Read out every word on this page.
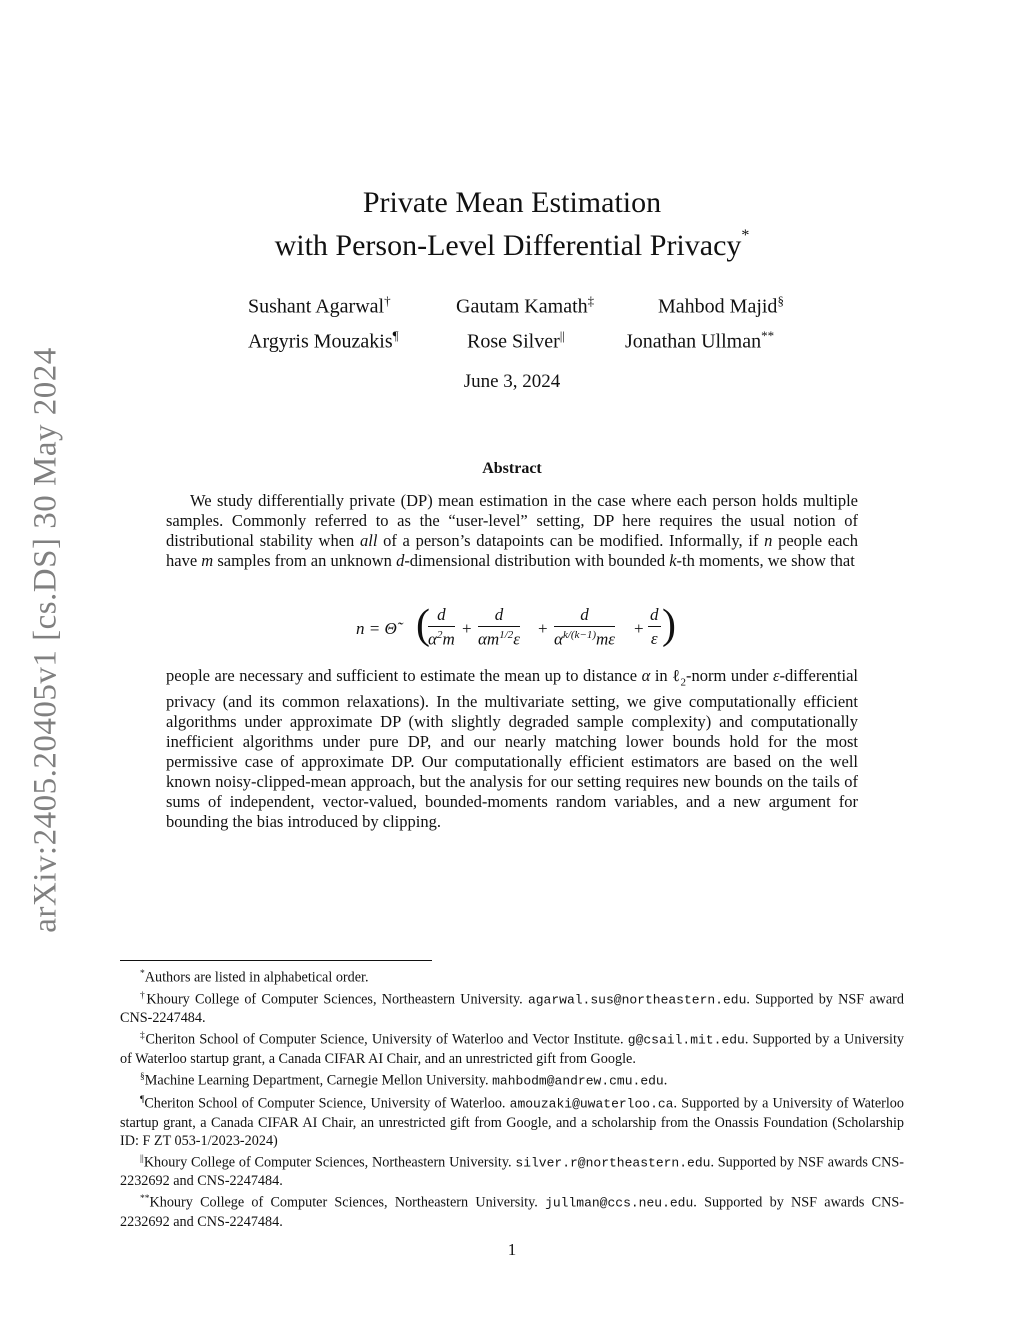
arXiv:2405.20405v1 [cs.DS] 30 May 2024
Private Mean Estimation
with Person-Level Differential Privacy*
Sushant Agarwal†	Gautam Kamath‡	Mahbod Majid§
Argyris Mouzakis¶	Rose Silver||	Jonathan Ullman**
June 3, 2024
Abstract
We study differentially private (DP) mean estimation in the case where each person holds multiple samples. Commonly referred to as the “user-level” setting, DP here requires the usual notion of distributional stability when all of a person’s datapoints can be modified. Informally, if n people each have m samples from an unknown d-dimensional distribution with bounded k-th moments, we show that
n = Θ̃ (
$\frac{d}{\alpha^2m} + \frac{d}{\alpha m^{1/2}\varepsilon} + \frac{d}{\alpha^{k/(k-1)}m\varepsilon} + \frac{d}{\varepsilon}$ )
people are necessary and sufficient to estimate the mean up to distance α in ℓ$_2$-norm under ε-differential privacy (and its common relaxations). In the multivariate setting, we give computationally efficient algorithms under approximate DP (with slightly degraded sample complexity) and computationally inefficient algorithms under pure DP, and our nearly matching lower bounds hold for the most permissive case of approximate DP. Our computationally efficient estimators are based on the well known noisy-clipped-mean approach, but the analysis for our setting requires new bounds on the tails of sums of independent, vector-valued, bounded-moments random variables, and a new argument for bounding the bias introduced by clipping.
*Authors are listed in alphabetical order.
†Khoury College of Computer Sciences, Northeastern University. agarwal.sus@northeastern.edu. Supported by NSF award CNS-2247484.
‡Cheriton School of Computer Science, University of Waterloo and Vector Institute. g@csail.mit.edu. Supported by a University of Waterloo startup grant, a Canada CIFAR AI Chair, and an unrestricted gift from Google.
§Machine Learning Department, Carnegie Mellon University. mahbodm@andrew.cmu.edu.
¶Cheriton School of Computer Science, University of Waterloo. amouzaki@uwaterloo.ca. Supported by a University of Waterloo startup grant, a Canada CIFAR AI Chair, an unrestricted gift from Google, and a scholarship from the Onassis Foundation (Scholarship ID: F ZT 053-1/2023-2024)
||Khoury College of Computer Sciences, Northeastern University. silver.r@northeastern.edu. Supported by NSF awards CNS-2232692 and CNS-2247484.
**Khoury College of Computer Sciences, Northeastern University. jullman@ccs.neu.edu. Supported by NSF awards CNS-2232692 and CNS-2247484.
1
